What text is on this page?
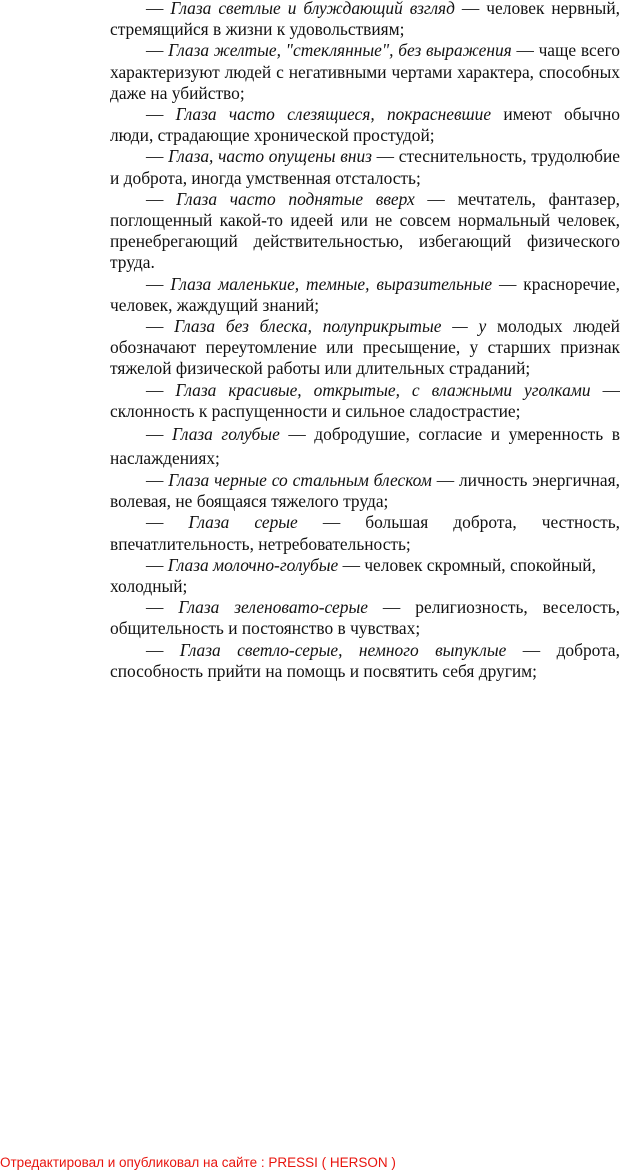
— Глаза светлые и блуждающий взгляд — человек нервный, стремящийся в жизни к удовольствиям;

— Глаза желтые, "стеклянные", без выражения — чаще всего характеризуют людей с негативными чертами характера, способных даже на убийство;

— Глаза часто слезящиеся, покрасневшие имеют обычно люди, страдающие хронической простудой;

— Глаза, часто опущены вниз — стеснительность, трудолюбие и доброта, иногда умственная отсталость;

— Глаза часто поднятые вверх — мечтатель, фантазер, поглощенный какой-то идеей или не совсем нормальный человек, пренебрегающий действительностью, избегающий физического труда.

— Глаза маленькие, темные, выразительные — красноречие, человек, жаждущий знаний;

— Глаза без блеска, полуприкрытые — у молодых людей обозначают переутомление или пресыщение, у старших признак тяжелой физической работы или длительных страданий;

— Глаза красивые, открытые, с влажными уголками — склонность к распущенности и сильное сладострастие;

— Глаза голубые — добродушие, согласие и умеренность в наслаждениях;

— Глаза черные со стальным блеском — личность энергичная, волевая, не боящаяся тяжелого труда;

— Глаза серые — большая доброта, честность, впечатлительность, нетребовательность;

— Глаза молочно-голубые — человек скромный, спокойный, холодный;

— Глаза зеленовато-серые — религиозность, веселость, общительность и постоянство в чувствах;

— Глаза светло-серые, немного выпуклые — доброта, способность прийти на помощь и посвятить себя другим;

Отредактировал и опубликовал на сайте : PRESSI ( HERSON )
